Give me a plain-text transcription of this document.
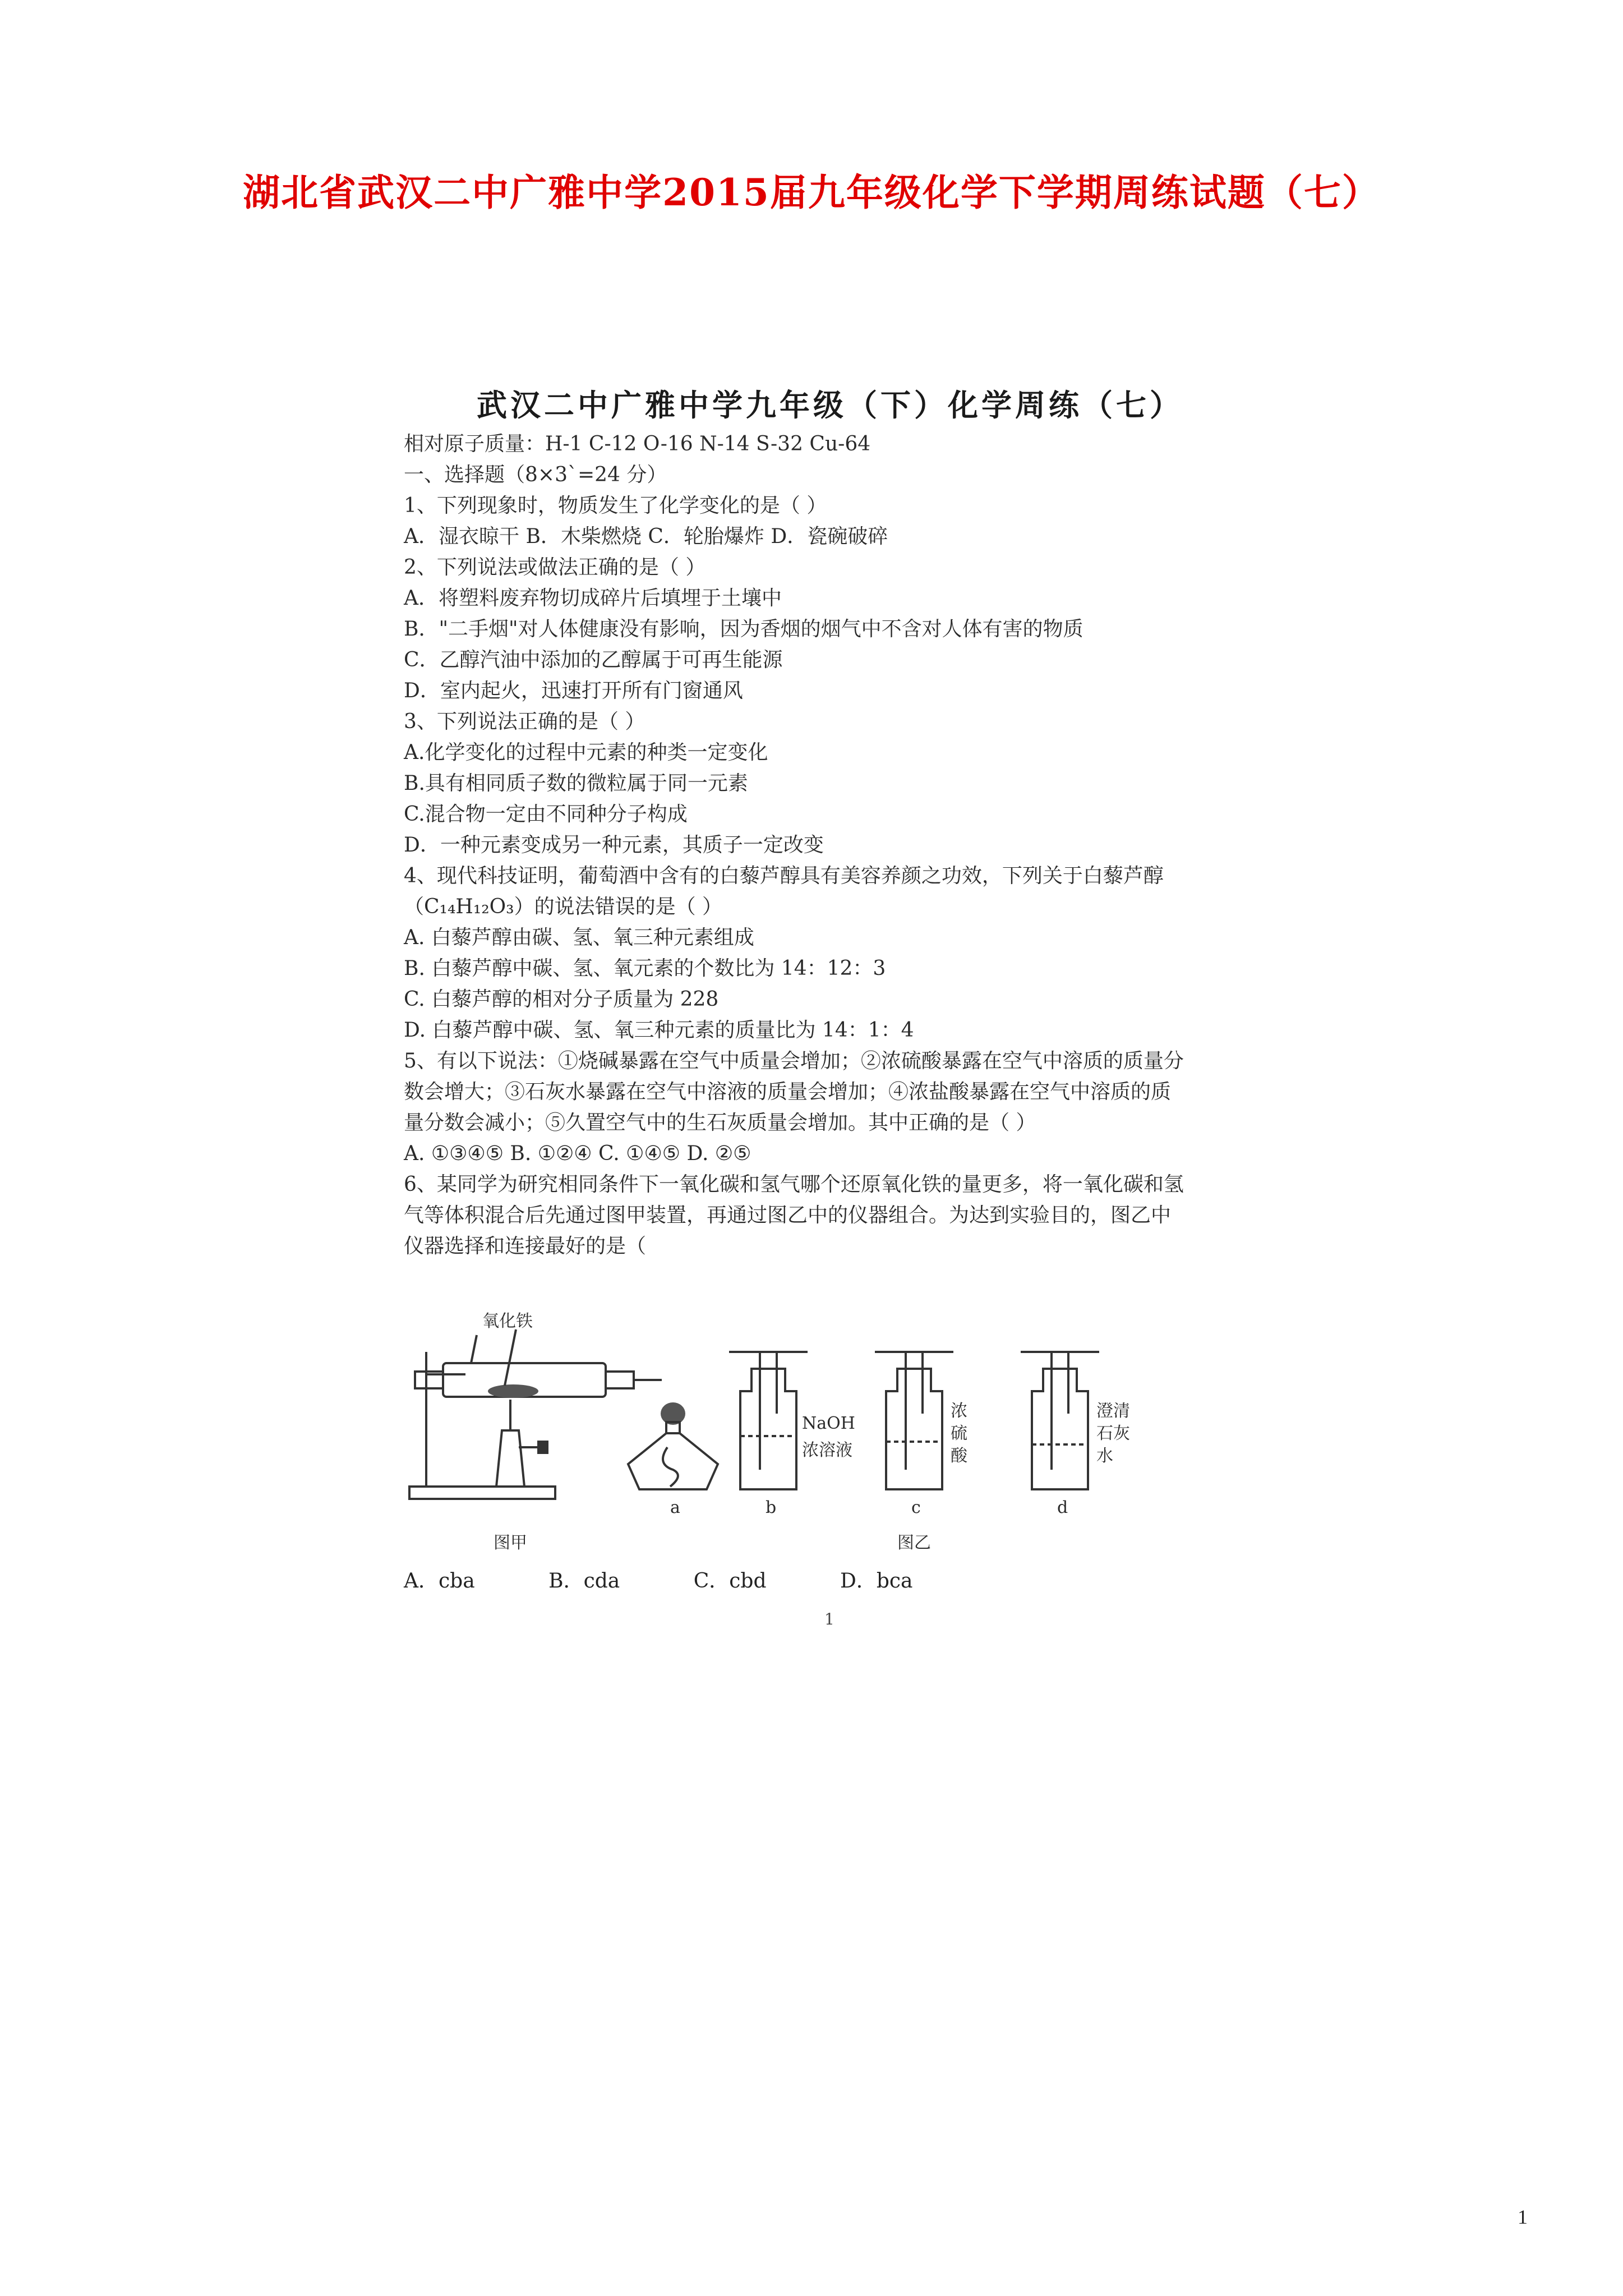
湖北省武汉二中广雅中学2015届九年级化学下学期周练试题（七）
武汉二中广雅中学九年级（下）化学周练（七）
相对原子质量：H-1 C-12 O-16 N-14 S-32 Cu-64
一、选择题（8×3`=24 分）
1、下列现象时，物质发生了化学变化的是（ ）
A．湿衣晾干 B．木柴燃烧 C．轮胎爆炸 D．瓷碗破碎
2、下列说法或做法正确的是（ ）
A．将塑料废弃物切成碎片后填埋于土壤中
B．"二手烟"对人体健康没有影响，因为香烟的烟气中不含对人体有害的物质
C．乙醇汽油中添加的乙醇属于可再生能源
D．室内起火，迅速打开所有门窗通风
3、下列说法正确的是（ ）
A.化学变化的过程中元素的种类一定变化
B.具有相同质子数的微粒属于同一元素
C.混合物一定由不同种分子构成
D．一种元素变成另一种元素，其质子一定改变
4、现代科技证明，葡萄酒中含有的白藜芦醇具有美容养颜之功效，下列关于白藜芦醇
（C₁₄H₁₂O₃）的说法错误的是（ ）
A. 白藜芦醇由碳、氢、氧三种元素组成
B. 白藜芦醇中碳、氢、氧元素的个数比为 14：12：3
C. 白藜芦醇的相对分子质量为 228
D. 白藜芦醇中碳、氢、氧三种元素的质量比为 14：1：4
5、有以下说法：①烧碱暴露在空气中质量会增加；②浓硫酸暴露在空气中溶质的质量分
数会增大；③石灰水暴露在空气中溶液的质量会增加；④浓盐酸暴露在空气中溶质的质
量分数会减小；⑤久置空气中的生石灰质量会增加。其中正确的是（ ）
A. ①③④⑤ B. ①②④ C. ①④⑤ D. ②⑤
6、某同学为研究相同条件下一氧化碳和氢气哪个还原氧化铁的量更多，将一氧化碳和氢
气等体积混合后先通过图甲装置，再通过图乙中的仪器组合。为达到实验目的，图乙中
仪器选择和连接最好的是（
氧化铁
a	b	c	d
NaOH
浓溶液
浓
硫
酸
澄清
石灰
水
图甲	图乙
A．cba	B．cda	C．cbd	D．bca
1
1
